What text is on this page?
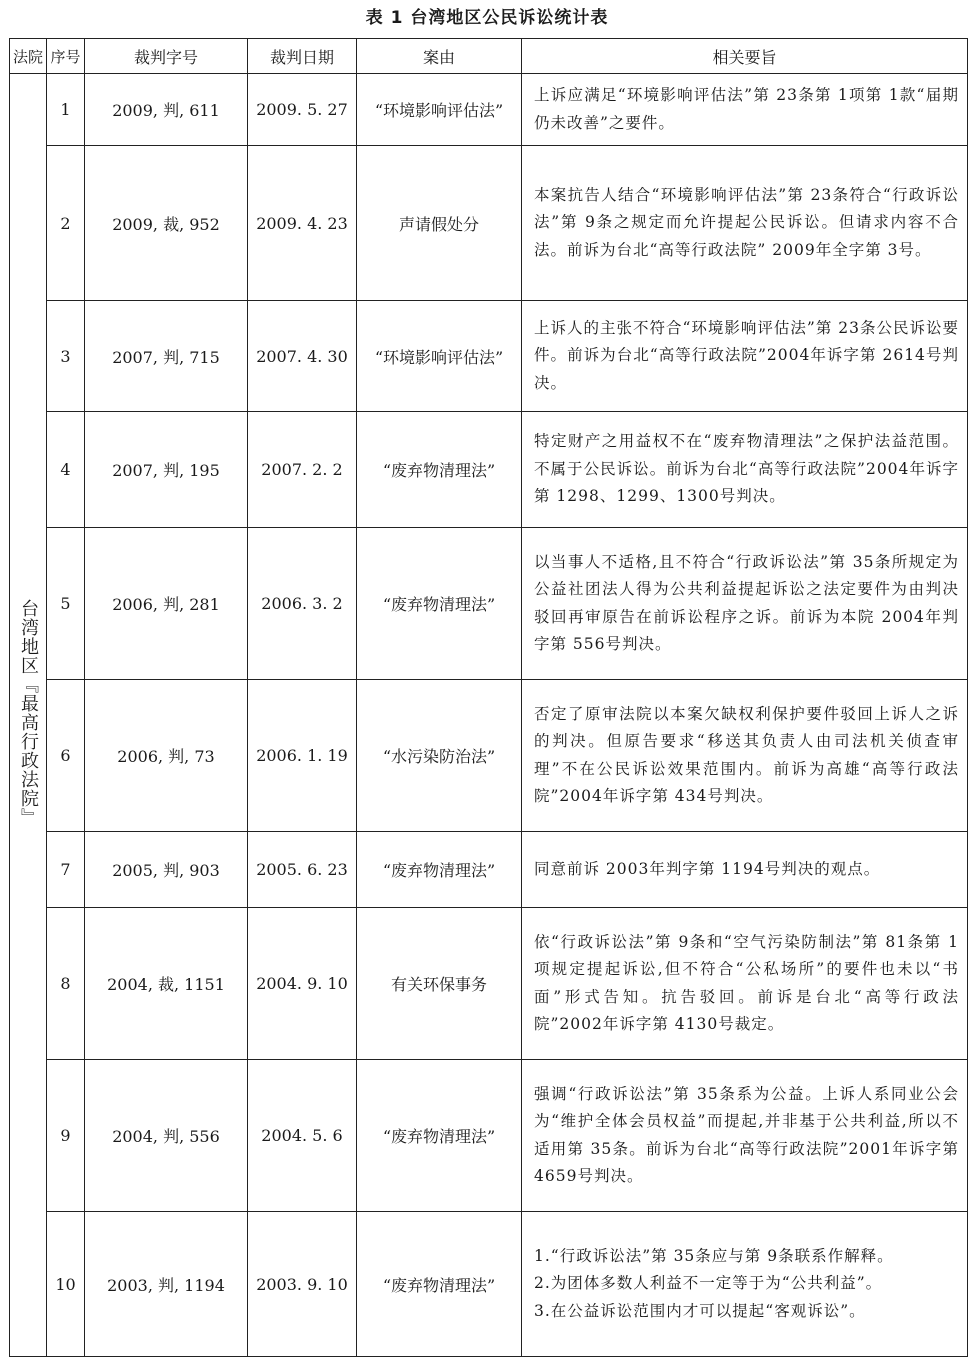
表 1 台湾地区公民诉讼统计表
法院	序号	裁判字号	裁判日期	案由	相关要旨
台湾地区『最高行政法院』	1	2009, 判, 611	2009. 5. 27	“环境影响评估法”	上诉应满足“环境影响评估法”第 23条第 1项第 1款“届期仍未改善”之要件。
	2	2009, 裁, 952	2009. 4. 23	声请假处分	本案抗告人结合“环境影响评估法”第 23条符合“行政诉讼法”第 9条之规定而允许提起公民诉讼。但请求内容不合法。前诉为台北“高等行政法院” 2009年全字第 3号。
	3	2007, 判, 715	2007. 4. 30	“环境影响评估法”	上诉人的主张不符合“环境影响评估法”第 23条公民诉讼要件。前诉为台北“高等行政法院”2004年诉字第 2614号判决。
	4	2007, 判, 195	2007. 2. 2	“废弃物清理法”	特定财产之用益权不在“废弃物清理法”之保护法益范围。不属于公民诉讼。前诉为台北“高等行政法院”2004年诉字第 1298、1299、1300号判决。
	5	2006, 判, 281	2006. 3. 2	“废弃物清理法”	以当事人不适格,且不符合“行政诉讼法”第 35条所规定为公益社团法人得为公共利益提起诉讼之法定要件为由判决驳回再审原告在前诉讼程序之诉。前诉为本院 2004年判字第 556号判决。
	6	2006, 判, 73	2006. 1. 19	“水污染防治法”	否定了原审法院以本案欠缺权利保护要件驳回上诉人之诉的判决。但原告要求“移送其负责人由司法机关侦查审理”不在公民诉讼效果范围内。前诉为高雄“高等行政法院”2004年诉字第 434号判决。
	7	2005, 判, 903	2005. 6. 23	“废弃物清理法”	同意前诉 2003年判字第 1194号判决的观点。
	8	2004, 裁, 1151	2004. 9. 10	有关环保事务	依“行政诉讼法”第 9条和“空气污染防制法”第 81条第 1项规定提起诉讼,但不符合“公私场所”的要件也未以“书面”形式告知。抗告驳回。前诉是台北“高等行政法院”2002年诉字第 4130号裁定。
	9	2004, 判, 556	2004. 5. 6	“废弃物清理法”	强调“行政诉讼法”第 35条系为公益。上诉人系同业公会为“维护全体会员权益”而提起,并非基于公共利益,所以不适用第 35条。前诉为台北“高等行政法院”2001年诉字第 4659号判决。
	10	2003, 判, 1194	2003. 9. 10	“废弃物清理法”	1.“行政诉讼法”第 35条应与第 9条联系作解释。
2.为团体多数人利益不一定等于为“公共利益”。
3.在公益诉讼范围内才可以提起“客观诉讼”。
